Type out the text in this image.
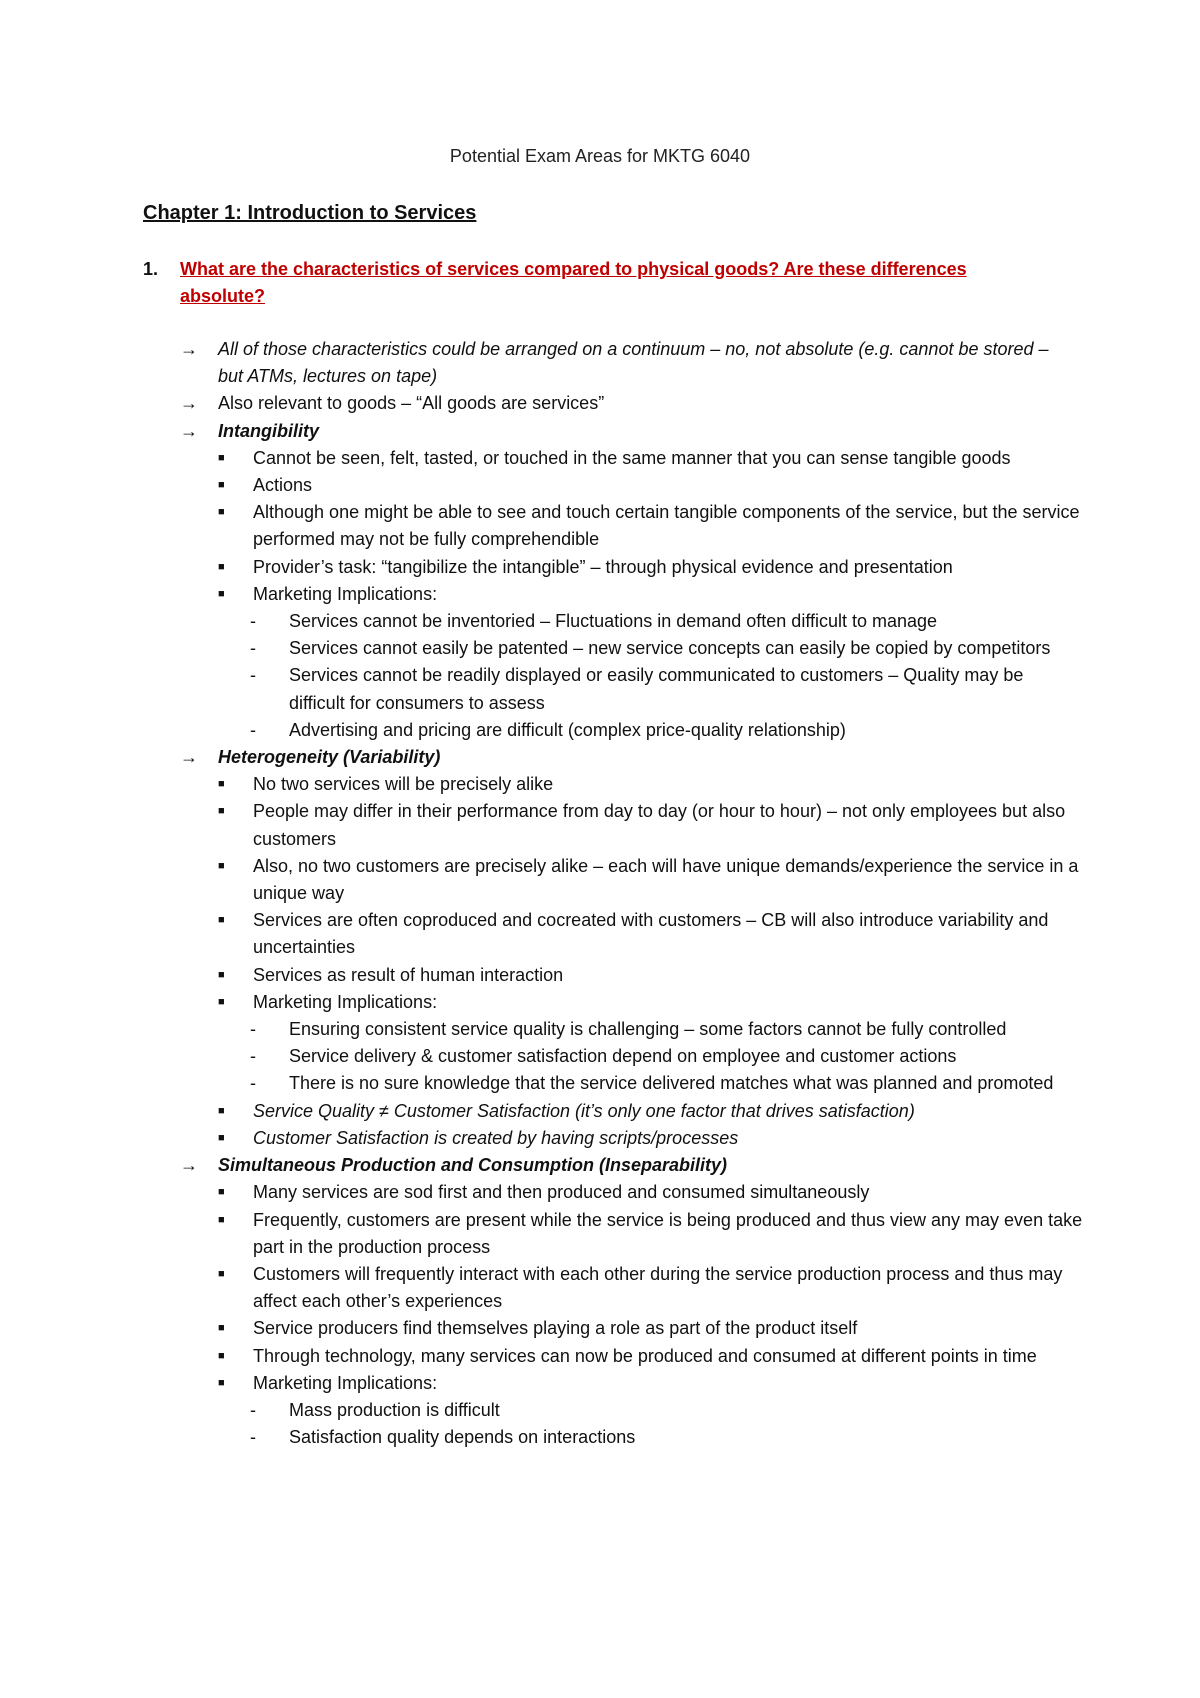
Potential Exam Areas for MKTG 6040
Chapter 1: Introduction to Services
1. What are the characteristics of services compared to physical goods? Are these differences absolute?
→ All of those characteristics could be arranged on a continuum – no, not absolute (e.g. cannot be stored – but ATMs, lectures on tape)
→ Also relevant to goods – “All goods are services”
→ Intangibility
■ Cannot be seen, felt, tasted, or touched in the same manner that you can sense tangible goods
■ Actions
■ Although one might be able to see and touch certain tangible components of the service, but the service performed may not be fully comprehendible
■ Provider’s task: “tangibilize the intangible” – through physical evidence and presentation
■ Marketing Implications:
- Services cannot be inventoried – Fluctuations in demand often difficult to manage
- Services cannot easily be patented – new service concepts can easily be copied by competitors
- Services cannot be readily displayed or easily communicated to customers – Quality may be difficult for consumers to assess
- Advertising and pricing are difficult (complex price-quality relationship)
→ Heterogeneity (Variability)
■ No two services will be precisely alike
■ People may differ in their performance from day to day (or hour to hour) – not only employees but also customers
■ Also, no two customers are precisely alike – each will have unique demands/experience the service in a unique way
■ Services are often coproduced and cocreated with customers – CB will also introduce variability and uncertainties
■ Services as result of human interaction
■ Marketing Implications:
- Ensuring consistent service quality is challenging – some factors cannot be fully controlled
- Service delivery & customer satisfaction depend on employee and customer actions
- There is no sure knowledge that the service delivered matches what was planned and promoted
■ Service Quality ≠ Customer Satisfaction (it’s only one factor that drives satisfaction)
■ Customer Satisfaction is created by having scripts/processes
→ Simultaneous Production and Consumption (Inseparability)
■ Many services are sod first and then produced and consumed simultaneously
■ Frequently, customers are present while the service is being produced and thus view any may even take part in the production process
■ Customers will frequently interact with each other during the service production process and thus may affect each other’s experiences
■ Service producers find themselves playing a role as part of the product itself
■ Through technology, many services can now be produced and consumed at different points in time
■ Marketing Implications:
- Mass production is difficult
- Satisfaction quality depends on interactions
